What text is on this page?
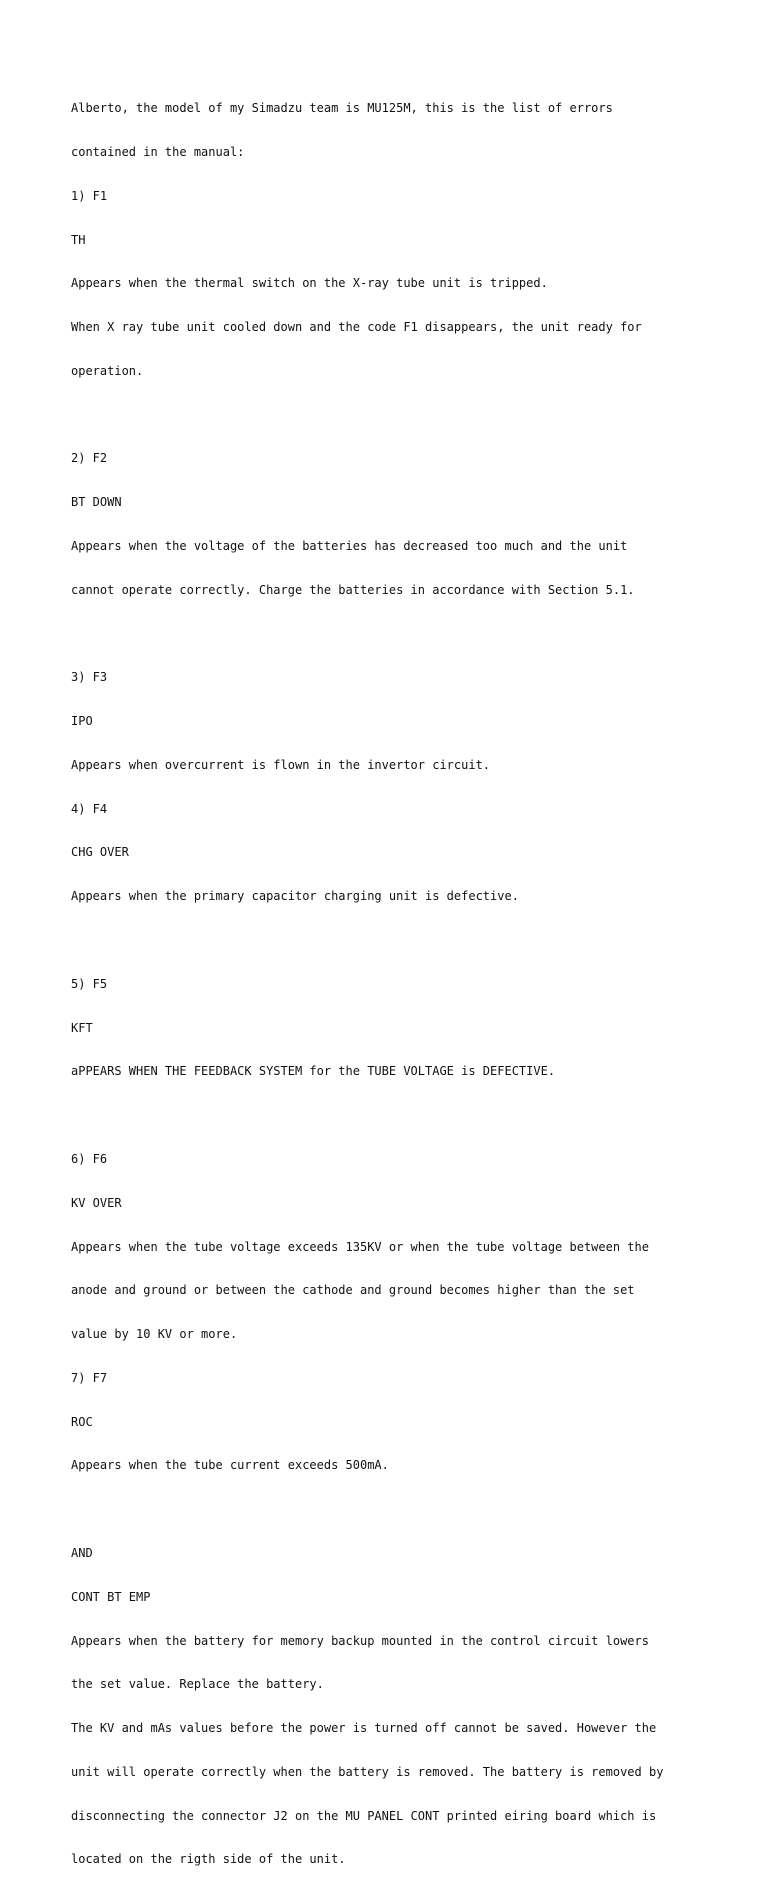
Alberto, the model of my Simadzu team is MU125M, this is the list of errors

contained in the manual:

1) F1

TH

Appears when the thermal switch on the X-ray tube unit is tripped.

When X ray tube unit cooled down and the code F1 disappears, the unit ready for

operation.

2) F2

BT DOWN

Appears when the voltage of the batteries has decreased too much and the unit

cannot operate correctly. Charge the batteries in accordance with Section 5.1.

3) F3

IPO

Appears when overcurrent is flown in the invertor circuit.

4) F4

CHG OVER

Appears when the primary capacitor charging unit is defective.

5) F5

KFT

aPPEARS WHEN THE FEEDBACK SYSTEM for the TUBE VOLTAGE is DEFECTIVE.

6) F6

KV OVER

Appears when the tube voltage exceeds 135KV or when the tube voltage between the

anode and ground or between the cathode and ground becomes higher than the set

value by 10 KV or more.

7) F7

ROC

Appears when the tube current exceeds 500mA.

AND

CONT BT EMP

Appears when the battery for memory backup mounted in the control circuit lowers

the set value. Replace the battery.

The KV and mAs values before the power is turned off cannot be saved. However the

unit will operate correctly when the battery is removed. The battery is removed by

disconnecting the connector J2 on the MU PANEL CONT printed eiring board which is

located on the rigth side of the unit.
